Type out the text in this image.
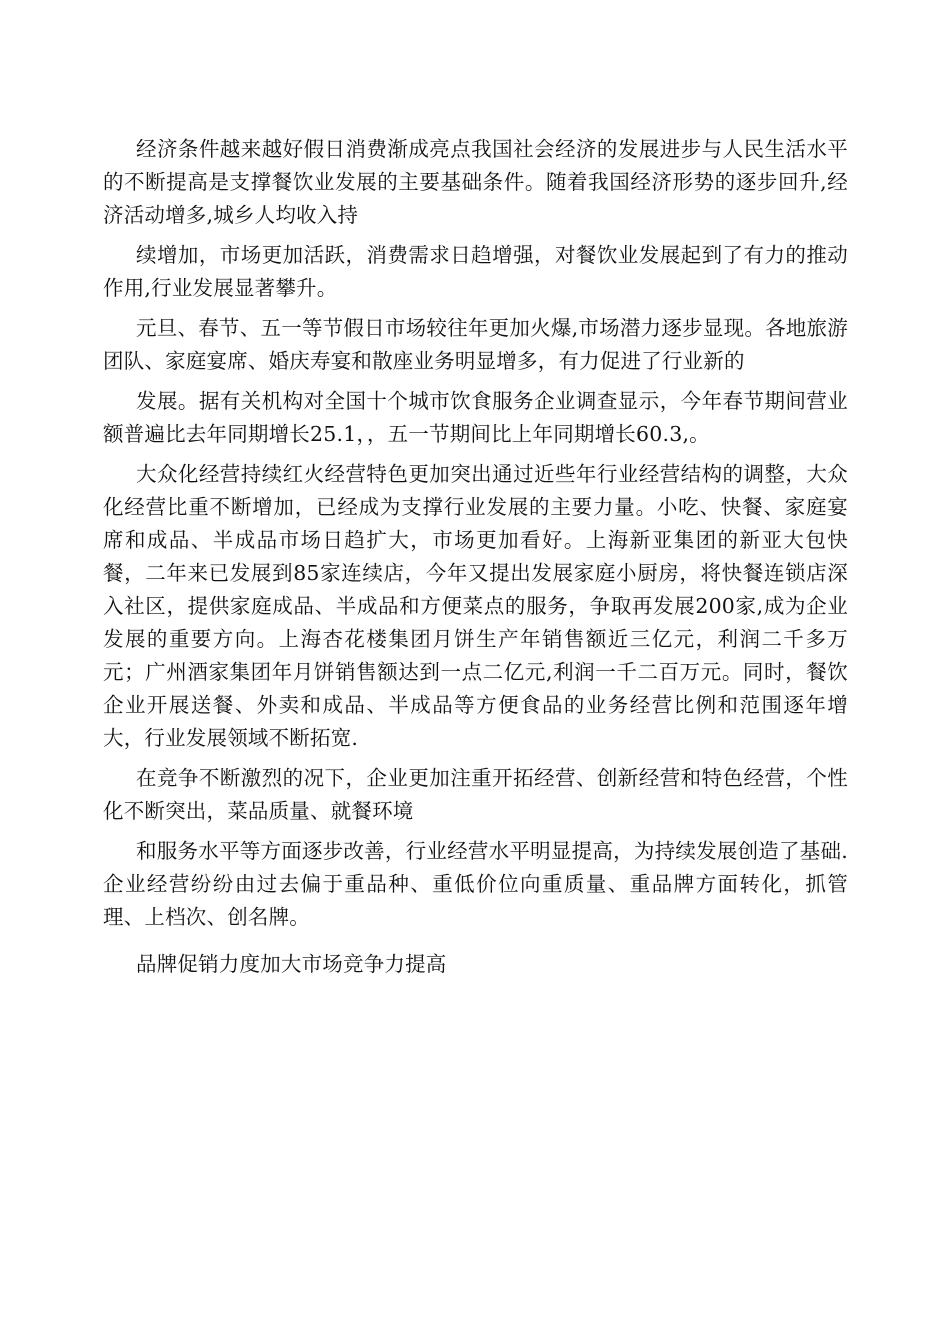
经济条件越来越好假日消费渐成亮点我国社会经济的发展进步与人民生活水平的不断提高是支撑餐饮业发展的主要基础条件。随着我国经济形势的逐步回升,经济活动增多,城乡人均收入持

续增加，市场更加活跃，消费需求日趋增强，对餐饮业发展起到了有力的推动作用,行业发展显著攀升。

元旦、春节、五一等节假日市场较往年更加火爆,市场潜力逐步显现。各地旅游团队、家庭宴席、婚庆寿宴和散座业务明显增多，有力促进了行业新的

发展。据有关机构对全国十个城市饮食服务企业调查显示，今年春节期间营业额普遍比去年同期增长25.1，，五一节期间比上年同期增长60.3,。

大众化经营持续红火经营特色更加突出通过近些年行业经营结构的调整，大众化经营比重不断增加，已经成为支撑行业发展的主要力量。小吃、快餐、家庭宴席和成品、半成品市场日趋扩大，市场更加看好。上海新亚集团的新亚大包快餐，二年来已发展到85家连续店，今年又提出发展家庭小厨房，将快餐连锁店深入社区，提供家庭成品、半成品和方便菜点的服务，争取再发展200家,成为企业发展的重要方向。上海杏花楼集团月饼生产年销售额近三亿元，利润二千多万元；广州酒家集团年月饼销售额达到一点二亿元,利润一千二百万元。同时，餐饮企业开展送餐、外卖和成品、半成品等方便食品的业务经营比例和范围逐年增大，行业发展领域不断拓宽.

在竞争不断激烈的况下，企业更加注重开拓经营、创新经营和特色经营，个性化不断突出，菜品质量、就餐环境

和服务水平等方面逐步改善，行业经营水平明显提高，为持续发展创造了基础.企业经营纷纷由过去偏于重品种、重低价位向重质量、重品牌方面转化，抓管理、上档次、创名牌。

品牌促销力度加大市场竞争力提高
